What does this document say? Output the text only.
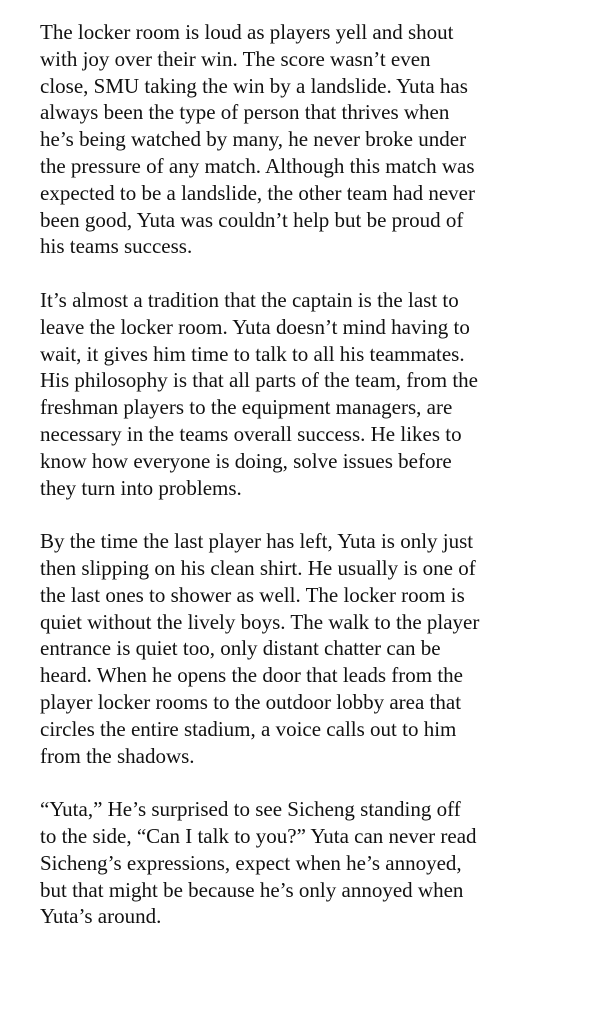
The locker room is loud as players yell and shout
with joy over their win. The score wasn’t even
close, SMU taking the win by a landslide. Yuta has
always been the type of person that thrives when
he’s being watched by many, he never broke under
the pressure of any match. Although this match was
expected to be a landslide, the other team had never
been good, Yuta was couldn’t help but be proud of
his teams success.

It’s almost a tradition that the captain is the last to
leave the locker room. Yuta doesn’t mind having to
wait, it gives him time to talk to all his teammates.
His philosophy is that all parts of the team, from the
freshman players to the equipment managers, are
necessary in the teams overall success. He likes to
know how everyone is doing, solve issues before
they turn into problems.

By the time the last player has left, Yuta is only just
then slipping on his clean shirt. He usually is one of
the last ones to shower as well. The locker room is
quiet without the lively boys. The walk to the player
entrance is quiet too, only distant chatter can be
heard. When he opens the door that leads from the
player locker rooms to the outdoor lobby area that
circles the entire stadium, a voice calls out to him
from the shadows.

“Yuta,” He’s surprised to see Sicheng standing off
to the side, “Can I talk to you?” Yuta can never read
Sicheng’s expressions, expect when he’s annoyed,
but that might be because he’s only annoyed when
Yuta’s around.
